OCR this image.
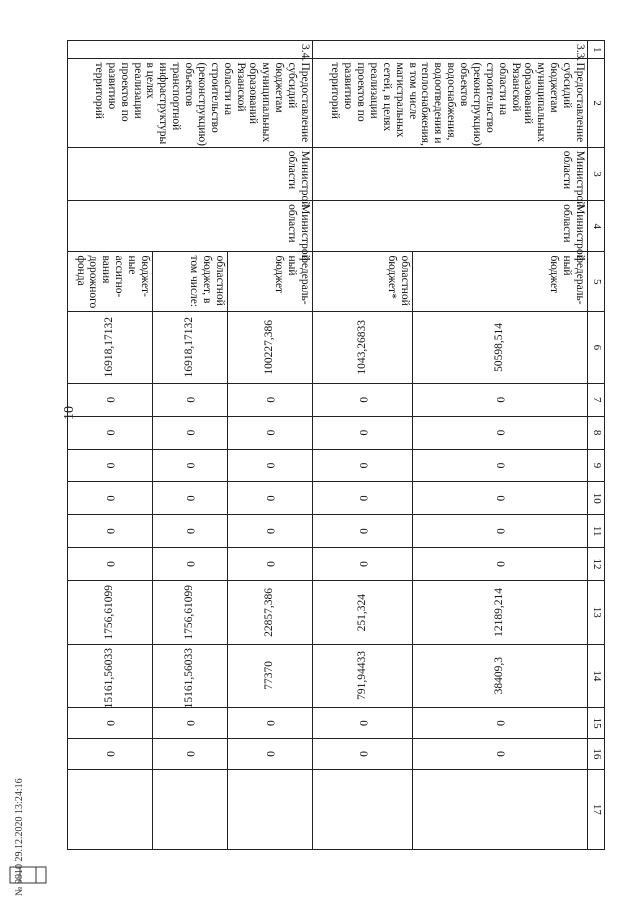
10
№ 9910 29.12.2020 13:24:16
1	2	3	4	5	6	7	8	9	10	11	12	13	14	15	16	17
3.3.	Предоставление субсидий бюджетам муниципальных образований Рязанской области на строительство (реконструкцию) объектов водоснабжения, водоотведения и теплоснабжения, в том числе магистральных сетей, в целях реализации проектов по развитию территорий	Министрой области	Министрой области	федераль-ный бюджет	50598,514	0	0	0	0	0	0	12189,214	38409,3	0	0	
				областной бюджет*	1043,26833	0	0	0	0	0	0	251,324	791,94433	0	0	
3.4.	Предоставление субсидий бюджетам муниципальных образований Рязанской области на строительство (реконструкцию) объектов транспортной инфраструктуры в целях реализации проектов по развитию территорий	Министрой области	Министрой области	федераль-ный бюджет	100227,386	0	0	0	0	0	0	22857,386	77370	0	0	
				областной бюджет, в том числе:	16918,17132	0	0	0	0	0	0	1756,61099	15161,56033	0	0	
				бюджет-ные ассигно-вания дорожного фонда	16918,17132	0	0	0	0	0	0	1756,61099	15161,56033	0	0	
